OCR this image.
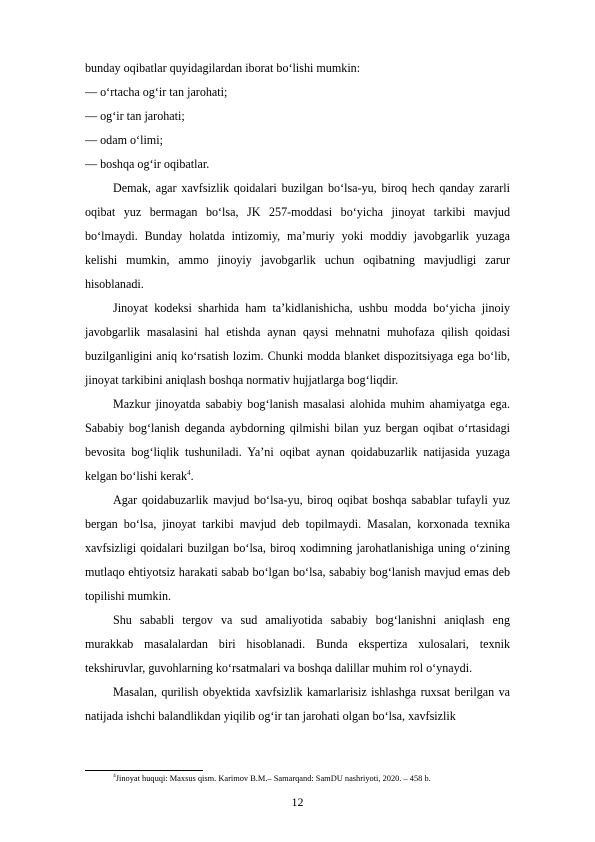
bunday oqibatlar quyidagilardan iborat bo‘lishi mumkin:

— o‘rtacha og‘ir tan jarohati;

— og‘ir tan jarohati;

— odam o‘limi;

— boshqa og‘ir oqibatlar.

Demak, agar xavfsizlik qoidalari buzilgan bo‘lsa-yu, biroq hech qanday zararli oqibat yuz bermagan bo‘lsa, JK 257-moddasi bo‘yicha jinoyat tarkibi mavjud bo‘lmaydi. Bunday holatda intizomiy, ma’muriy yoki moddiy javobgarlik yuzaga kelishi mumkin, ammo jinoyiy javobgarlik uchun oqibatning mavjudligi zarur hisoblanadi.

Jinoyat kodeksi sharhida ham ta’kidlanishicha, ushbu modda bo‘yicha jinoiy javobgarlik masalasini hal etishda aynan qaysi mehnatni muhofaza qilish qoidasi buzilganligini aniq ko‘rsatish lozim. Chunki modda blanket dispozitsiyaga ega bo‘lib, jinoyat tarkibini aniqlash boshqa normativ hujjatlarga bog‘liqdir.

Mazkur jinoyatda sababiy bog‘lanish masalasi alohida muhim ahamiyatga ega. Sababiy bog‘lanish deganda aybdorning qilmishi bilan yuz bergan oqibat o‘rtasidagi bevosita bog‘liqlik tushuniladi. Ya’ni oqibat aynan qoidabuzarlik natijasida yuzaga kelgan bo‘lishi kerak$^4$.

Agar qoidabuzarlik mavjud bo‘lsa-yu, biroq oqibat boshqa sabablar tufayli yuz bergan bo‘lsa, jinoyat tarkibi mavjud deb topilmaydi. Masalan, korxonada texnika xavfsizligi qoidalari buzilgan bo‘lsa, biroq xodimning jarohatlanishiga uning o‘zining mutlaqo ehtiyotsiz harakati sabab bo‘lgan bo‘lsa, sababiy bog‘lanish mavjud emas deb topilishi mumkin.

Shu sababli tergov va sud amaliyotida sababiy bog‘lanishni aniqlash eng murakkab masalalardan biri hisoblanadi. Bunda ekspertiza xulosalari, texnik tekshiruvlar, guvohlarning ko‘rsatmalari va boshqa dalillar muhim rol o‘ynaydi.

Masalan, qurilish obyektida xavfsizlik kamarlarisiz ishlashga ruxsat berilgan va natijada ishchi balandlikdan yiqilib og‘ir tan jarohati olgan bo‘lsa, xavfsizlik

$^4$Jinoyat huquqi: Maxsus qism. Karimov B.M.– Samarqand: SamDU nashriyoti, 2020. – 458 b.
12
